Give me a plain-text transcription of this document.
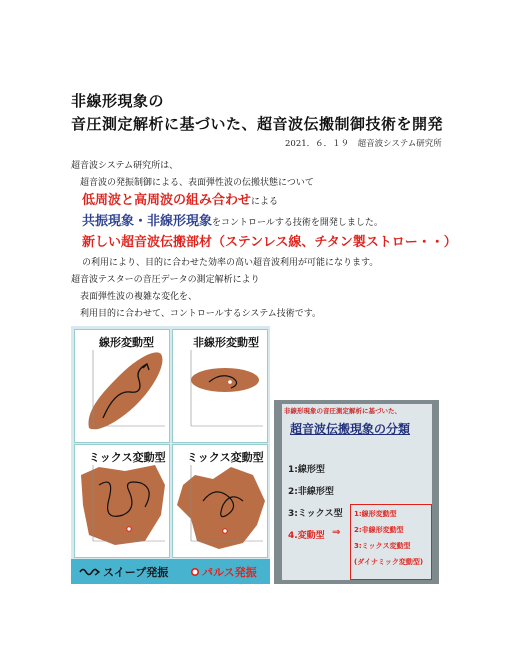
非線形現象の
音圧測定解析に基づいた、超音波伝搬制御技術を開発
2021．６．１９　超音波システム研究所
超音波システム研究所は、
超音波の発振制御による、表面弾性波の伝搬状態について
低周波と高周波の組み合わせによる
共振現象・非線形現象をコントロールする技術を開発しました。
新しい超音波伝搬部材（ステンレス線、チタン製ストロー・・）
の利用により、目的に合わせた効率の高い超音波利用が可能になります。
超音波テスターの音圧データの測定解析により
表面弾性波の複雑な変化を、
利用目的に合わせて、コントロールするシステム技術です。
線形変動型	非線形変動型
ミックス変動型 ミックス変動型
スイープ発振	パルス発振
非線形現象の音圧測定解析に基づいた、
超音波伝搬現象の分類
1:線形型
2:非線形型
3:ミックス型
4.変動型 ⇒
1:線形変動型
2:非線形変動型
3:ミックス変動型
(ダイナミック変動型)
